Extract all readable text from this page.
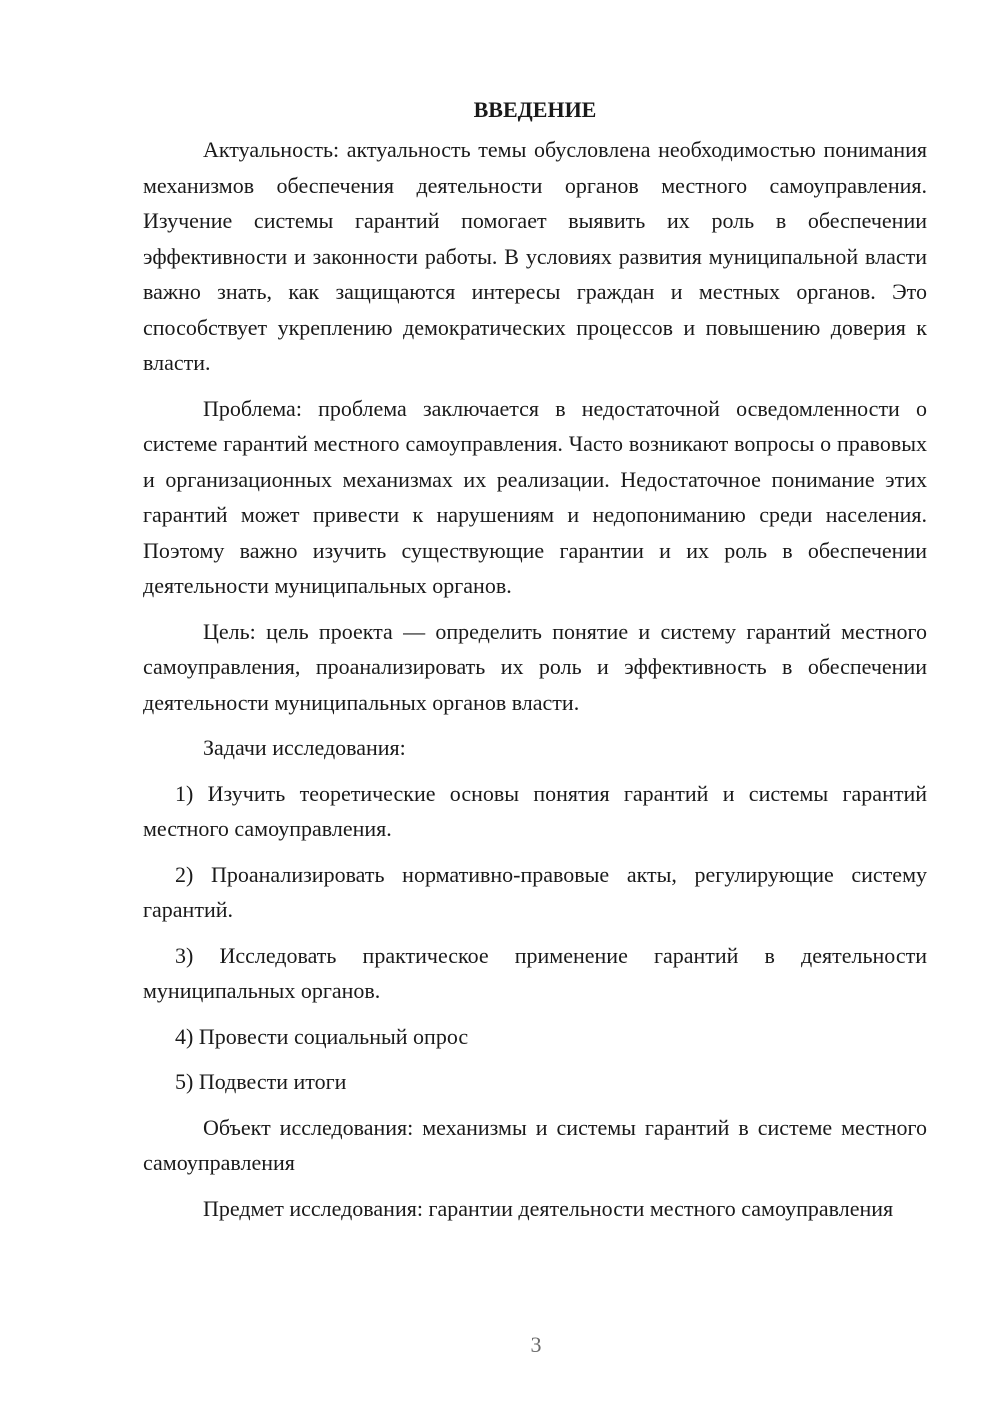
ВВЕДЕНИЕ

Актуальность: актуальность темы обусловлена необходимостью понимания механизмов обеспечения деятельности органов местного самоуправления. Изучение системы гарантий помогает выявить их роль в обеспечении эффективности и законности работы. В условиях развития муниципальной власти важно знать, как защищаются интересы граждан и местных органов. Это способствует укреплению демократических процессов и повышению доверия к власти.

Проблема: проблема заключается в недостаточной осведомленности о системе гарантий местного самоуправления. Часто возникают вопросы о правовых и организационных механизмах их реализации. Недостаточное понимание этих гарантий может привести к нарушениям и недопониманию среди населения. Поэтому важно изучить существующие гарантии и их роль в обеспечении деятельности муниципальных органов.

Цель: цель проекта — определить понятие и систему гарантий местного самоуправления, проанализировать их роль и эффективность в обеспечении деятельности муниципальных органов власти.

Задачи исследования:

1) Изучить теоретические основы понятия гарантий и системы гарантий местного самоуправления.

2) Проанализировать нормативно-правовые акты, регулирующие систему гарантий.

3) Исследовать практическое применение гарантий в деятельности муниципальных органов.

4) Провести социальный опрос

5) Подвести итоги

Объект исследования: механизмы и системы гарантий в системе местного самоуправления

Предмет исследования: гарантии деятельности местного самоуправления

3
